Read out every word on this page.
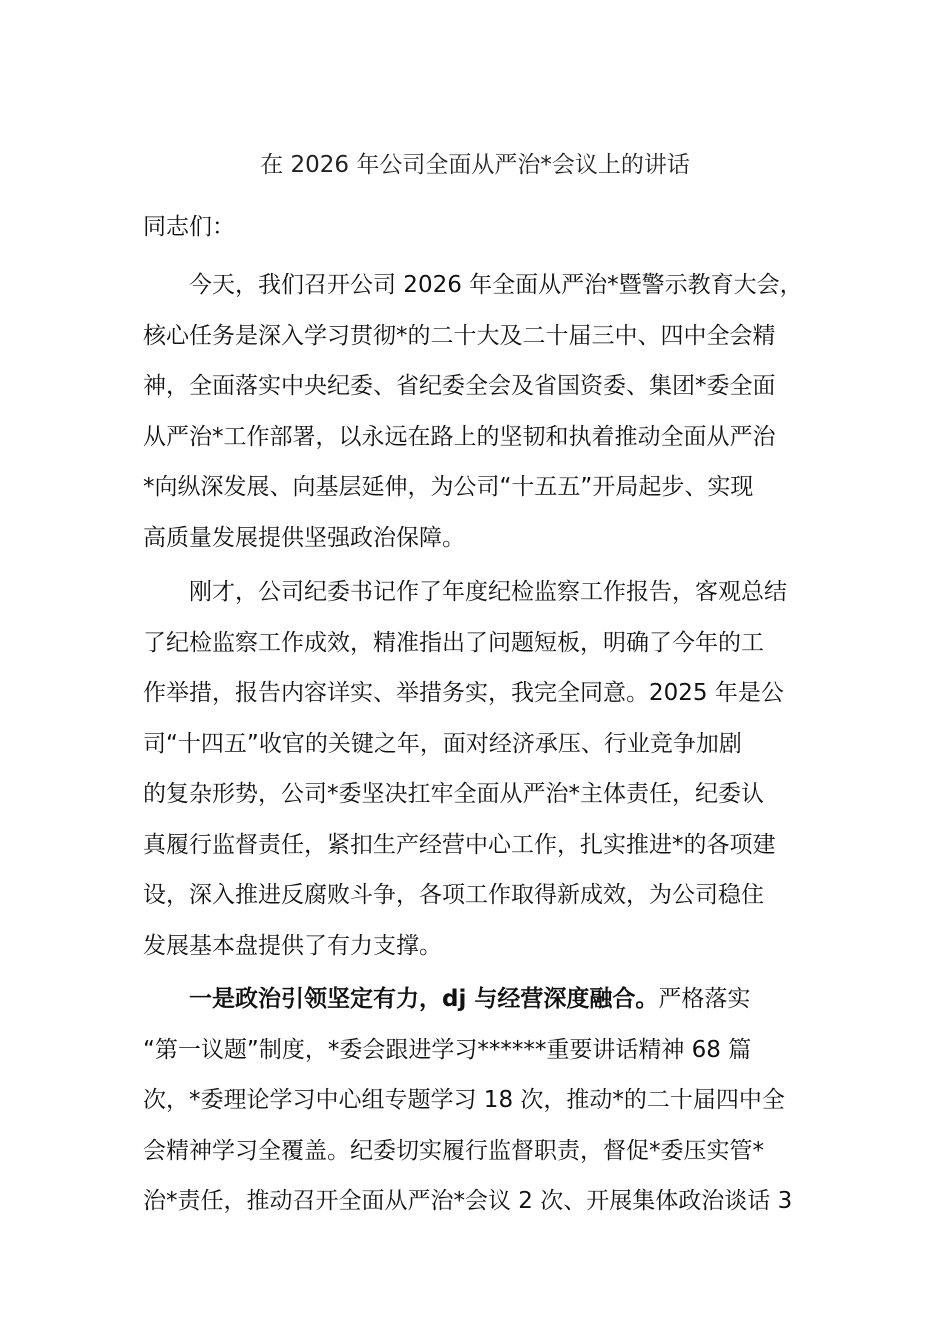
在 2026 年公司全面从严治*会议上的讲话
同志们：
　　今天，我们召开公司 2026 年全面从严治*暨警示教育大会，
核心任务是深入学习贯彻*的二十大及二十届三中、四中全会精
神，全面落实中央纪委、省纪委全会及省国资委、集团*委全面
从严治*工作部署，以永远在路上的坚韧和执着推动全面从严治
*向纵深发展、向基层延伸，为公司“十五五”开局起步、实现
高质量发展提供坚强政治保障。
　　刚才，公司纪委书记作了年度纪检监察工作报告，客观总结
了纪检监察工作成效，精准指出了问题短板，明确了今年的工
作举措，报告内容详实、举措务实，我完全同意。2025 年是公
司“十四五”收官的关键之年，面对经济承压、行业竞争加剧
的复杂形势，公司*委坚决扛牢全面从严治*主体责任，纪委认
真履行监督责任，紧扣生产经营中心工作，扎实推进*的各项建
设，深入推进反腐败斗争，各项工作取得新成效，为公司稳住
发展基本盘提供了有力支撑。
　　一是政治引领坚定有力，dj 与经营深度融合。严格落实
“第一议题”制度，*委会跟进学习******重要讲话精神 68 篇
次，*委理论学习中心组专题学习 18 次，推动*的二十届四中全
会精神学习全覆盖。纪委切实履行监督职责，督促*委压实管*
治*责任，推动召开全面从严治*会议 2 次、开展集体政治谈话 3
